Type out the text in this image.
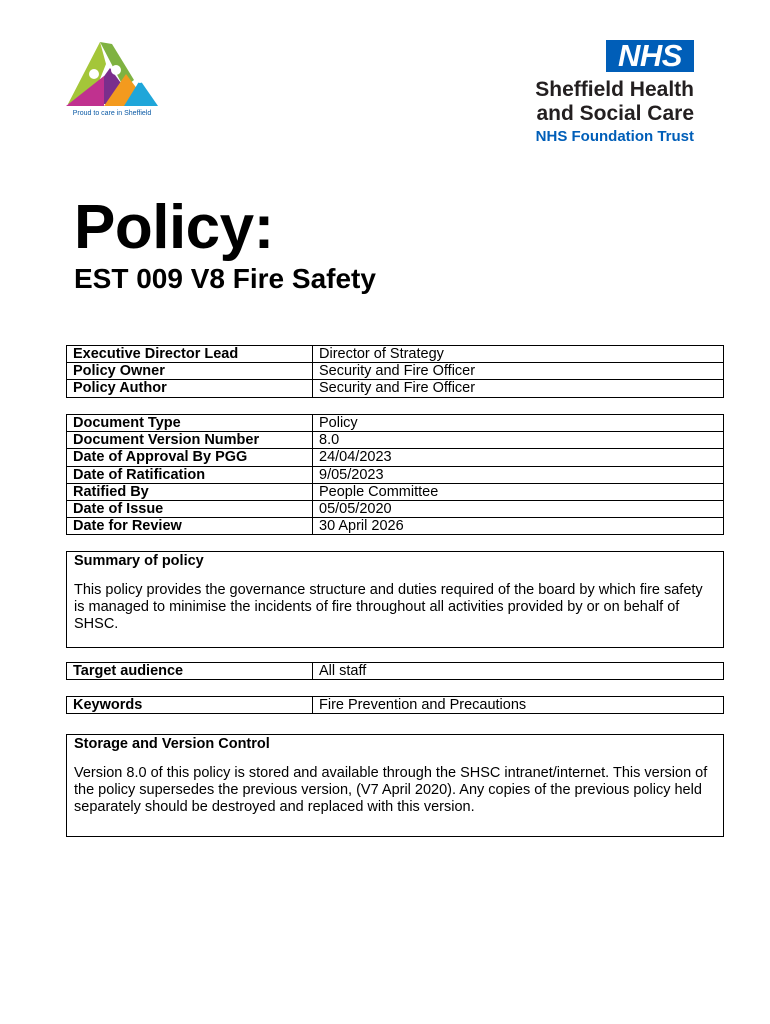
Proud to care in Sheffield
NHS
Sheffield Health
and Social Care
NHS Foundation Trust
Policy:
EST 009 V8 Fire Safety
Executive Director Lead	Director of Strategy
Policy Owner	Security and Fire Officer
Policy Author	Security and Fire Officer
Document Type	Policy
Document Version Number	8.0
Date of Approval By PGG	24/04/2023
Date of Ratification	9/05/2023
Ratified By	People Committee
Date of Issue	05/05/2020
Date for Review	30 April 2026
Summary of policy
This policy provides the governance structure and duties required of the board by which fire safety is managed to minimise the incidents of fire throughout all activities provided by or on behalf of SHSC.
Target audience	All staff
Keywords	Fire Prevention and Precautions
Storage and Version Control
Version 8.0 of this policy is stored and available through the SHSC intranet/internet. This version of the policy supersedes the previous version, (V7 April 2020). Any copies of the previous policy held separately should be destroyed and replaced with this version.
